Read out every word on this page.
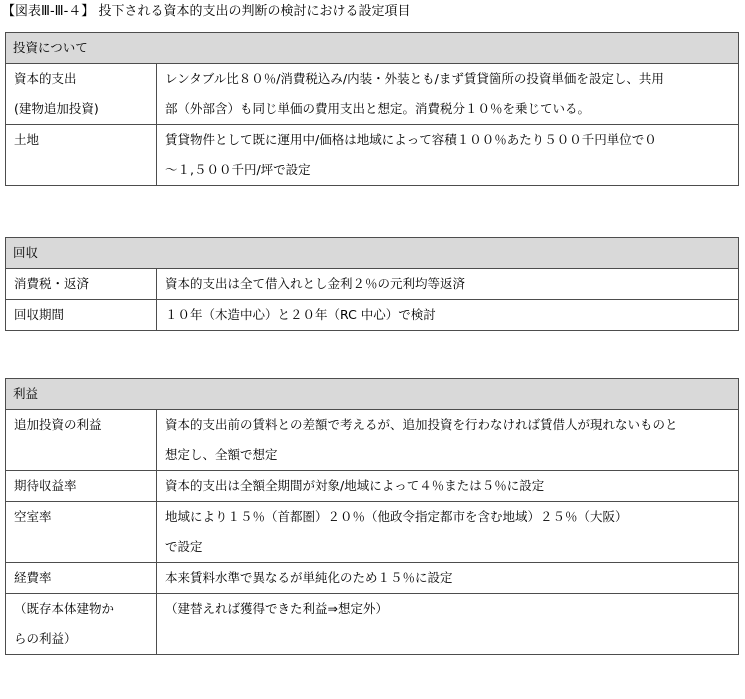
【図表Ⅲ-Ⅲ-４】 投下される資本的支出の判断の検討における設定項目
投資について	

資本的支出
(建物追加投資)	レンタブル比８０％/消費税込み/内装・外装とも/まず賃貸箇所の投資単価を設定し、共用
部（外部含）も同じ単価の費用支出と想定。消費税分１０％を乗じている。

土地	賃貸物件として既に運用中/価格は地域によって容積１００％あたり５００千円単位で０
～１,５００千円/坪で設定
回収	

消費税・返済	資本的支出は全て借入れとし金利２％の元利均等返済

回収期間	１０年（木造中心）と２０年（RC 中心）で検討
利益	

追加投資の利益	資本的支出前の賃料との差額で考えるが、追加投資を行わなければ賃借人が現れないものと
想定し、全額で想定

期待収益率	資本的支出は全額全期間が対象/地域によって４％または５％に設定

空室率	地域により１５％（首都圏）２０％（他政令指定都市を含む地域）２５％（大阪）
で設定

経費率	本来賃料水準で異なるが単純化のため１５％に設定

（既存本体建物か
らの利益）	（建替えれば獲得できた利益⇒想定外）
